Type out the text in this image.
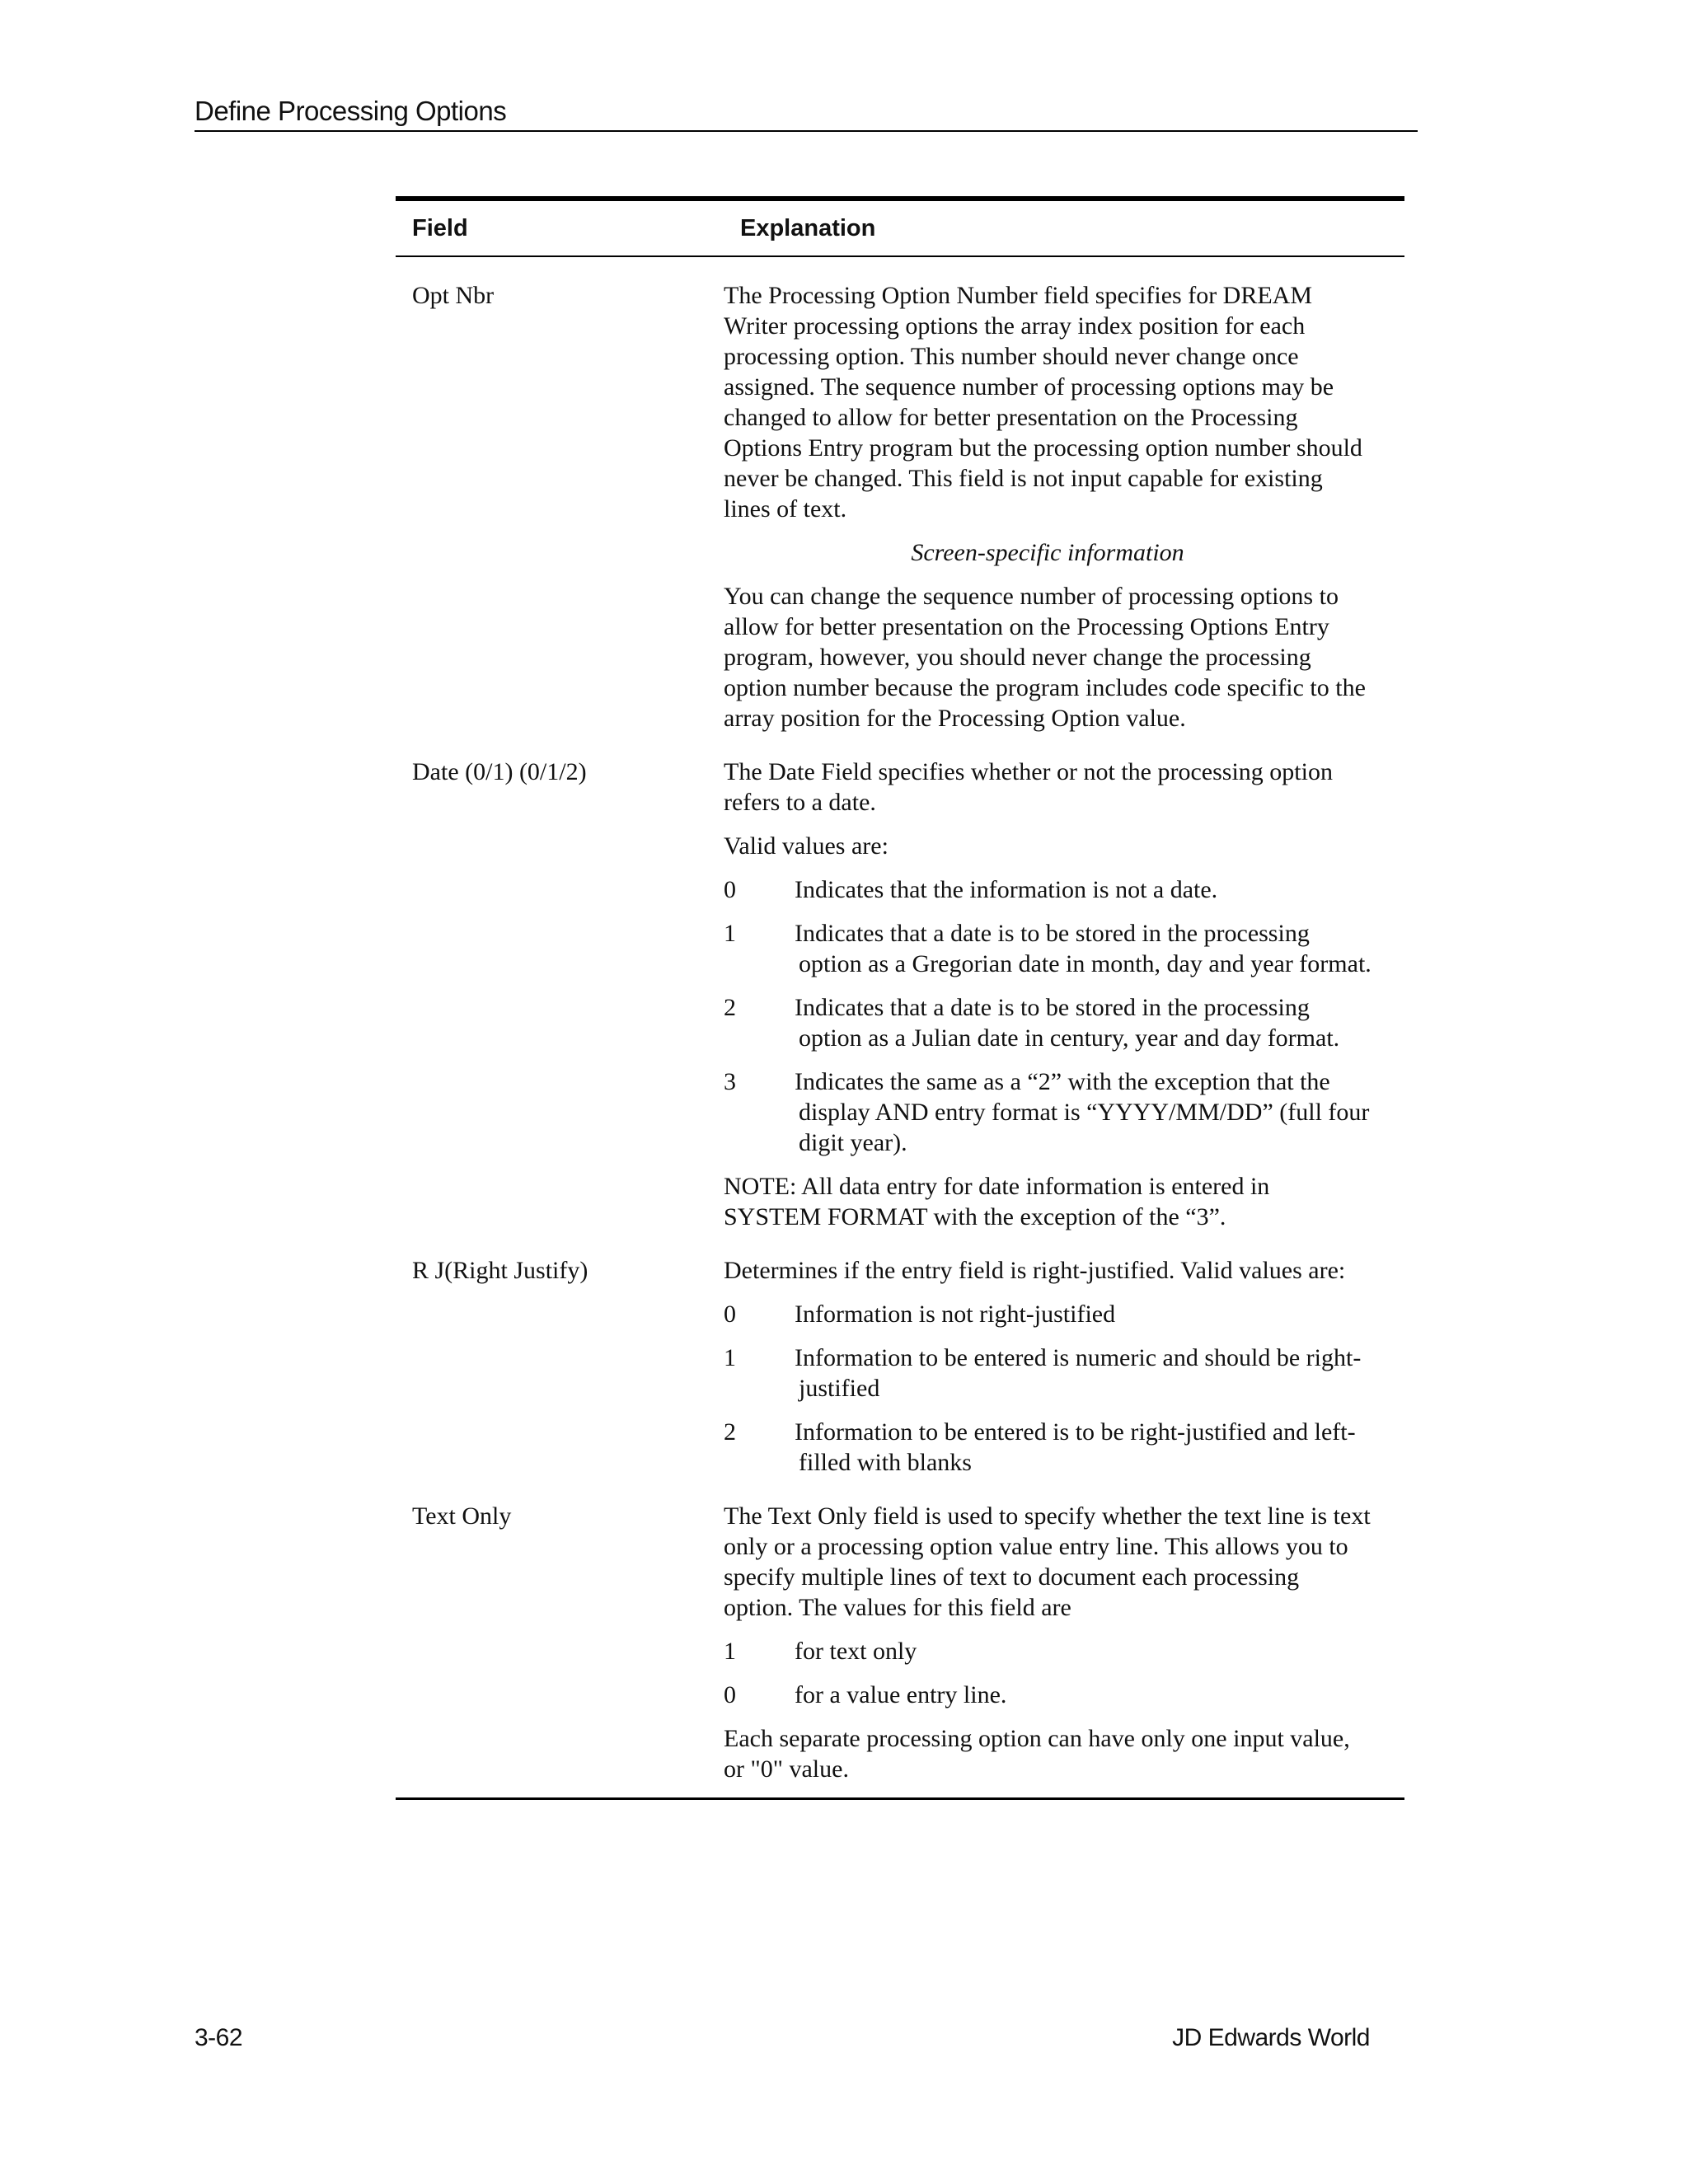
Define Processing Options
Field	Explanation
Opt Nbr	The Processing Option Number field specifies for DREAM Writer processing options the array index position for each processing option. This number should never change once assigned. The sequence number of processing options may be changed to allow for better presentation on the Processing Options Entry program but the processing option number should never be changed. This field is not input capable for existing lines of text.

Screen-specific information

You can change the sequence number of processing options to allow for better presentation on the Processing Options Entry program, however, you should never change the processing option number because the program includes code specific to the array position for the Processing Option value.

Date (0/1) (0/1/2)	The Date Field specifies whether or not the processing option refers to a date.

Valid values are:

0	Indicates that the information is not a date.
1	Indicates that a date is to be stored in the processing option as a Gregorian date in month, day and year format.
2	Indicates that a date is to be stored in the processing option as a Julian date in century, year and day format.
3	Indicates the same as a “2” with the exception that the display AND entry format is “YYYY/MM/DD” (full four digit year).

NOTE: All data entry for date information is entered in SYSTEM FORMAT with the exception of the “3”.

R J(Right Justify)	Determines if the entry field is right-justified. Valid values are:

0	Information is not right-justified
1	Information to be entered is numeric and should be right-justified
2	Information to be entered is to be right-justified and left-filled with blanks
Text Only	The Text Only field is used to specify whether the text line is text only or a processing option value entry line. This allows you to specify multiple lines of text to document each processing option. The values for this field are

1	for text only
0	for a value entry line.

Each separate processing option can have only one input value, or "0" value.

3-62	JD Edwards World
